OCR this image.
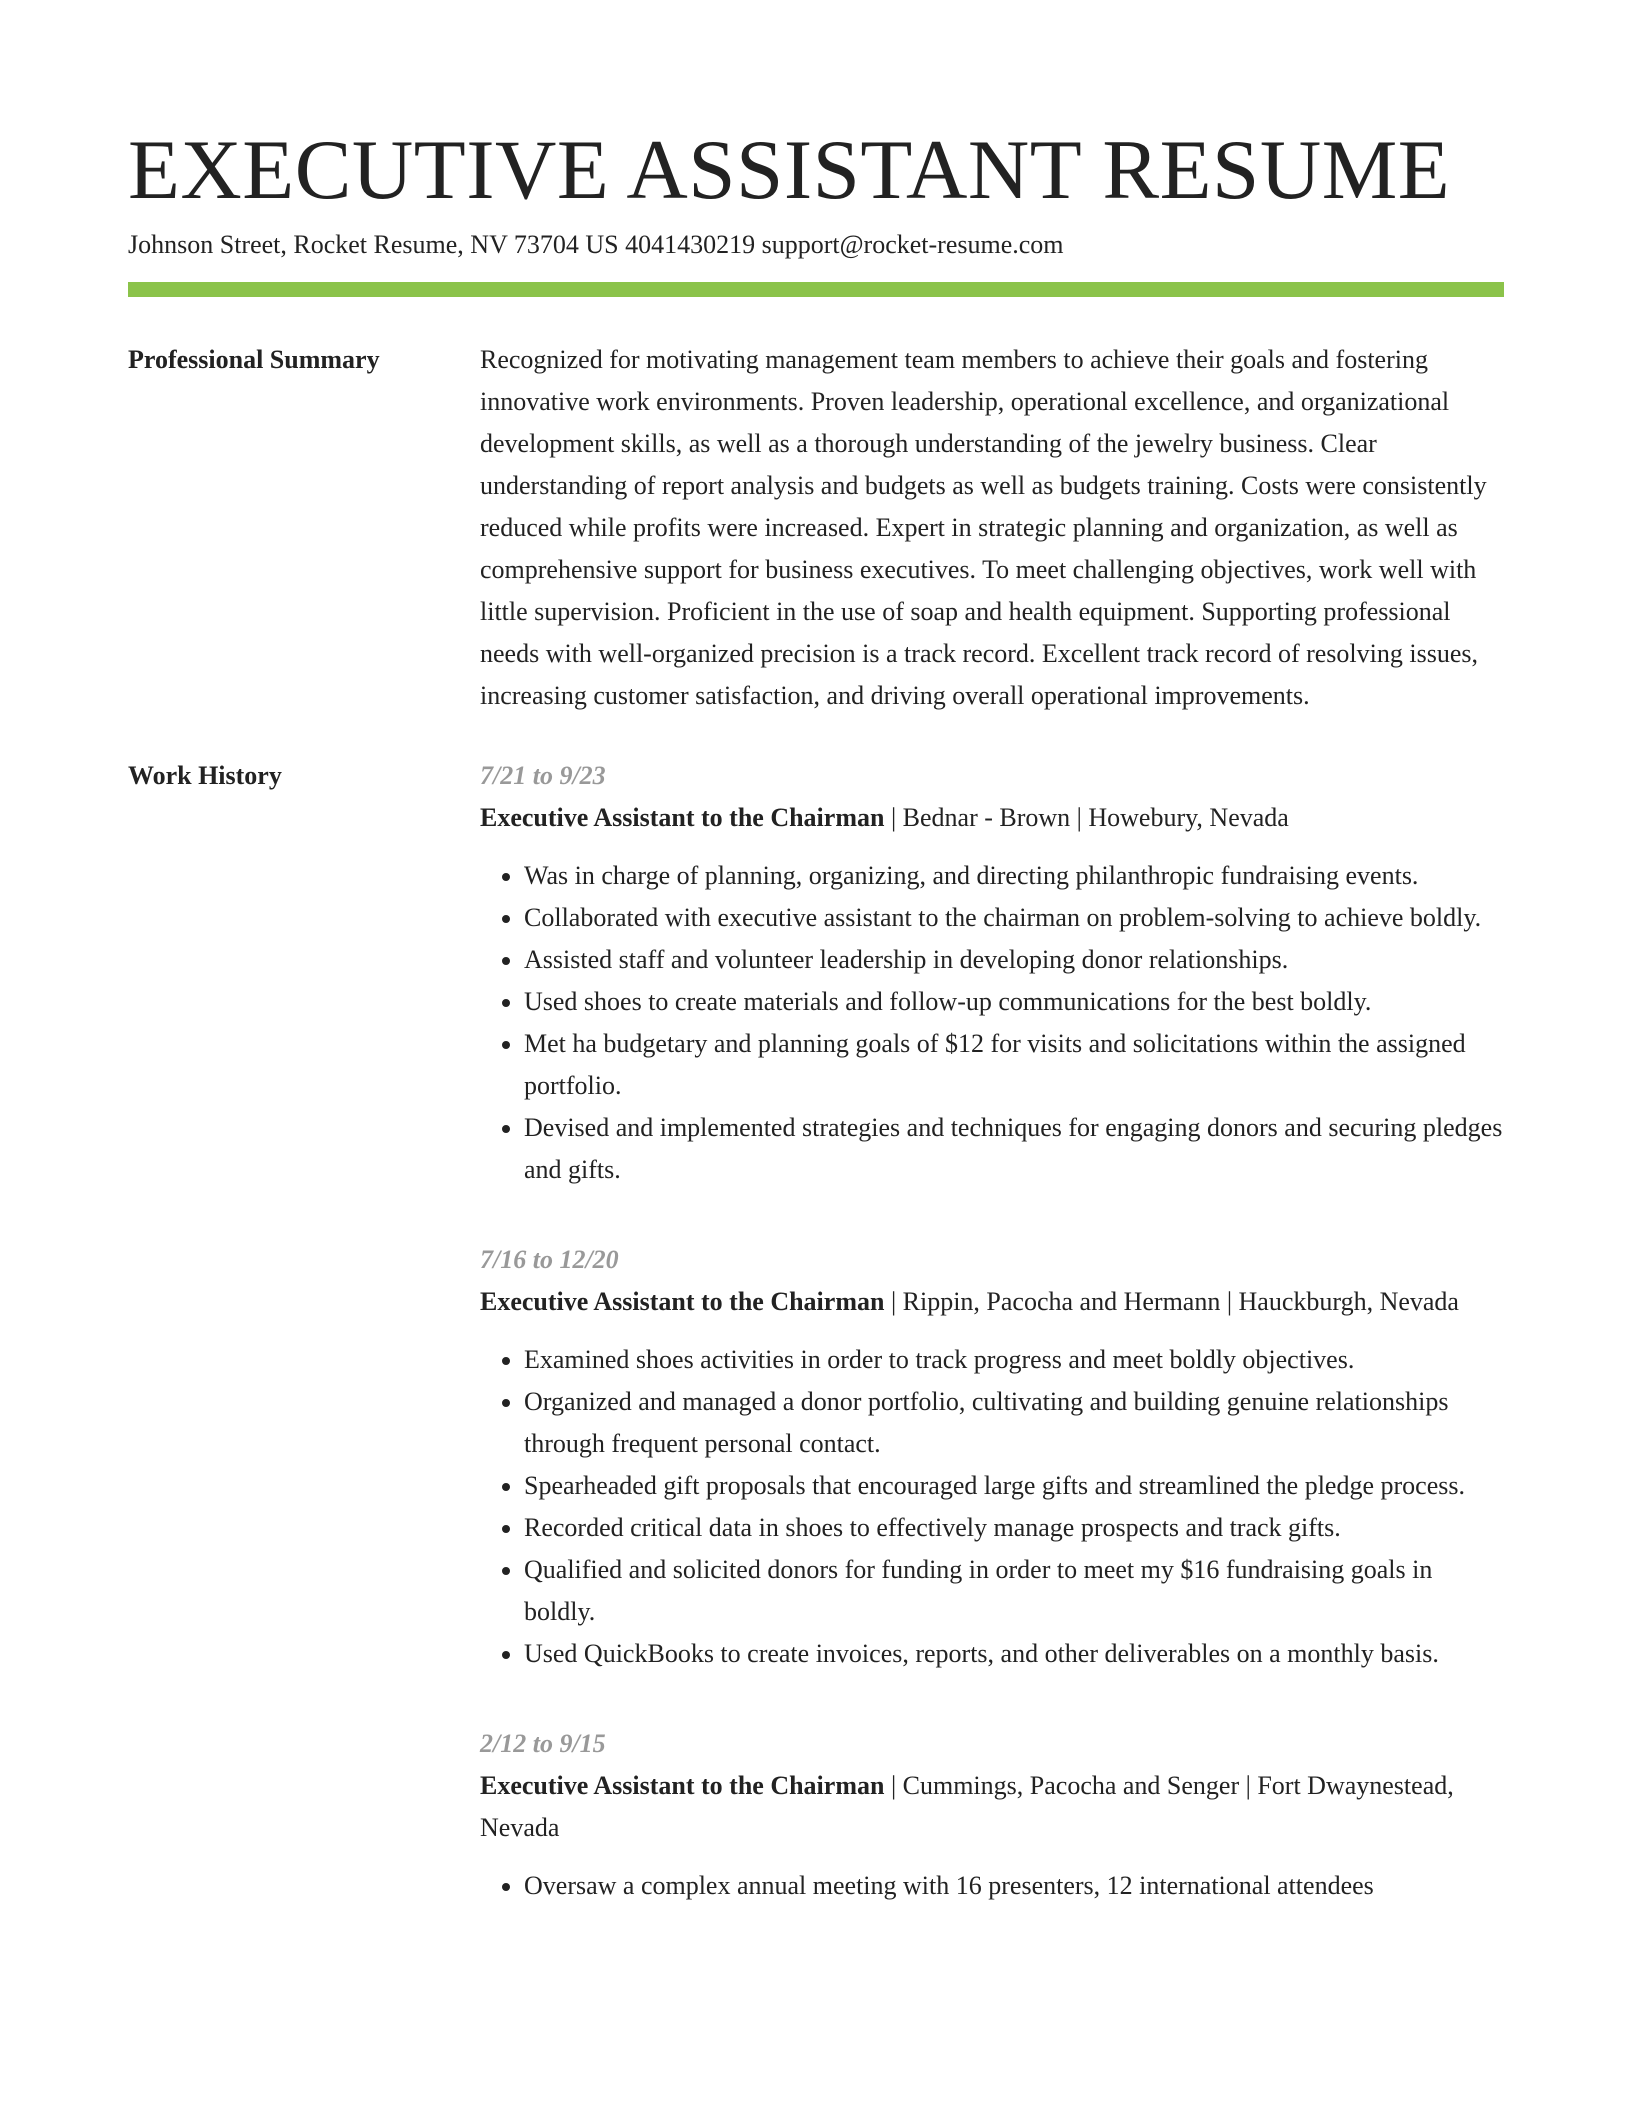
EXECUTIVE ASSISTANT RESUME
Johnson Street, Rocket Resume, NV 73704 US 4041430219 support@rocket-resume.com
Professional Summary	Recognized for motivating management team members to achieve their goals and fostering innovative work environments. Proven leadership, operational excellence, and organizational development skills, as well as a thorough understanding of the jewelry business. Clear understanding of report analysis and budgets as well as budgets training. Costs were consistently reduced while profits were increased. Expert in strategic planning and organization, as well as comprehensive support for business executives. To meet challenging objectives, work well with little supervision. Proficient in the use of soap and health equipment. Supporting professional needs with well-organized precision is a track record. Excellent track record of resolving issues, increasing customer satisfaction, and driving overall operational improvements.

Work History	7/21 to 9/23
Executive Assistant to the Chairman | Bednar - Brown | Howebury, Nevada
• Was in charge of planning, organizing, and directing philanthropic fundraising events.
• Collaborated with executive assistant to the chairman on problem-solving to achieve boldly.
• Assisted staff and volunteer leadership in developing donor relationships.
• Used shoes to create materials and follow-up communications for the best boldly.
• Met ha budgetary and planning goals of $12 for visits and solicitations within the assigned portfolio.
• Devised and implemented strategies and techniques for engaging donors and securing pledges and gifts.
7/16 to 12/20
Executive Assistant to the Chairman | Rippin, Pacocha and Hermann | Hauckburgh, Nevada
• Examined shoes activities in order to track progress and meet boldly objectives.
• Organized and managed a donor portfolio, cultivating and building genuine relationships through frequent personal contact.
• Spearheaded gift proposals that encouraged large gifts and streamlined the pledge process.
• Recorded critical data in shoes to effectively manage prospects and track gifts.
• Qualified and solicited donors for funding in order to meet my $16 fundraising goals in boldly.
• Used QuickBooks to create invoices, reports, and other deliverables on a monthly basis.
2/12 to 9/15
Executive Assistant to the Chairman | Cummings, Pacocha and Senger | Fort Dwaynestead, Nevada
• Oversaw a complex annual meeting with 16 presenters, 12 international attendees
